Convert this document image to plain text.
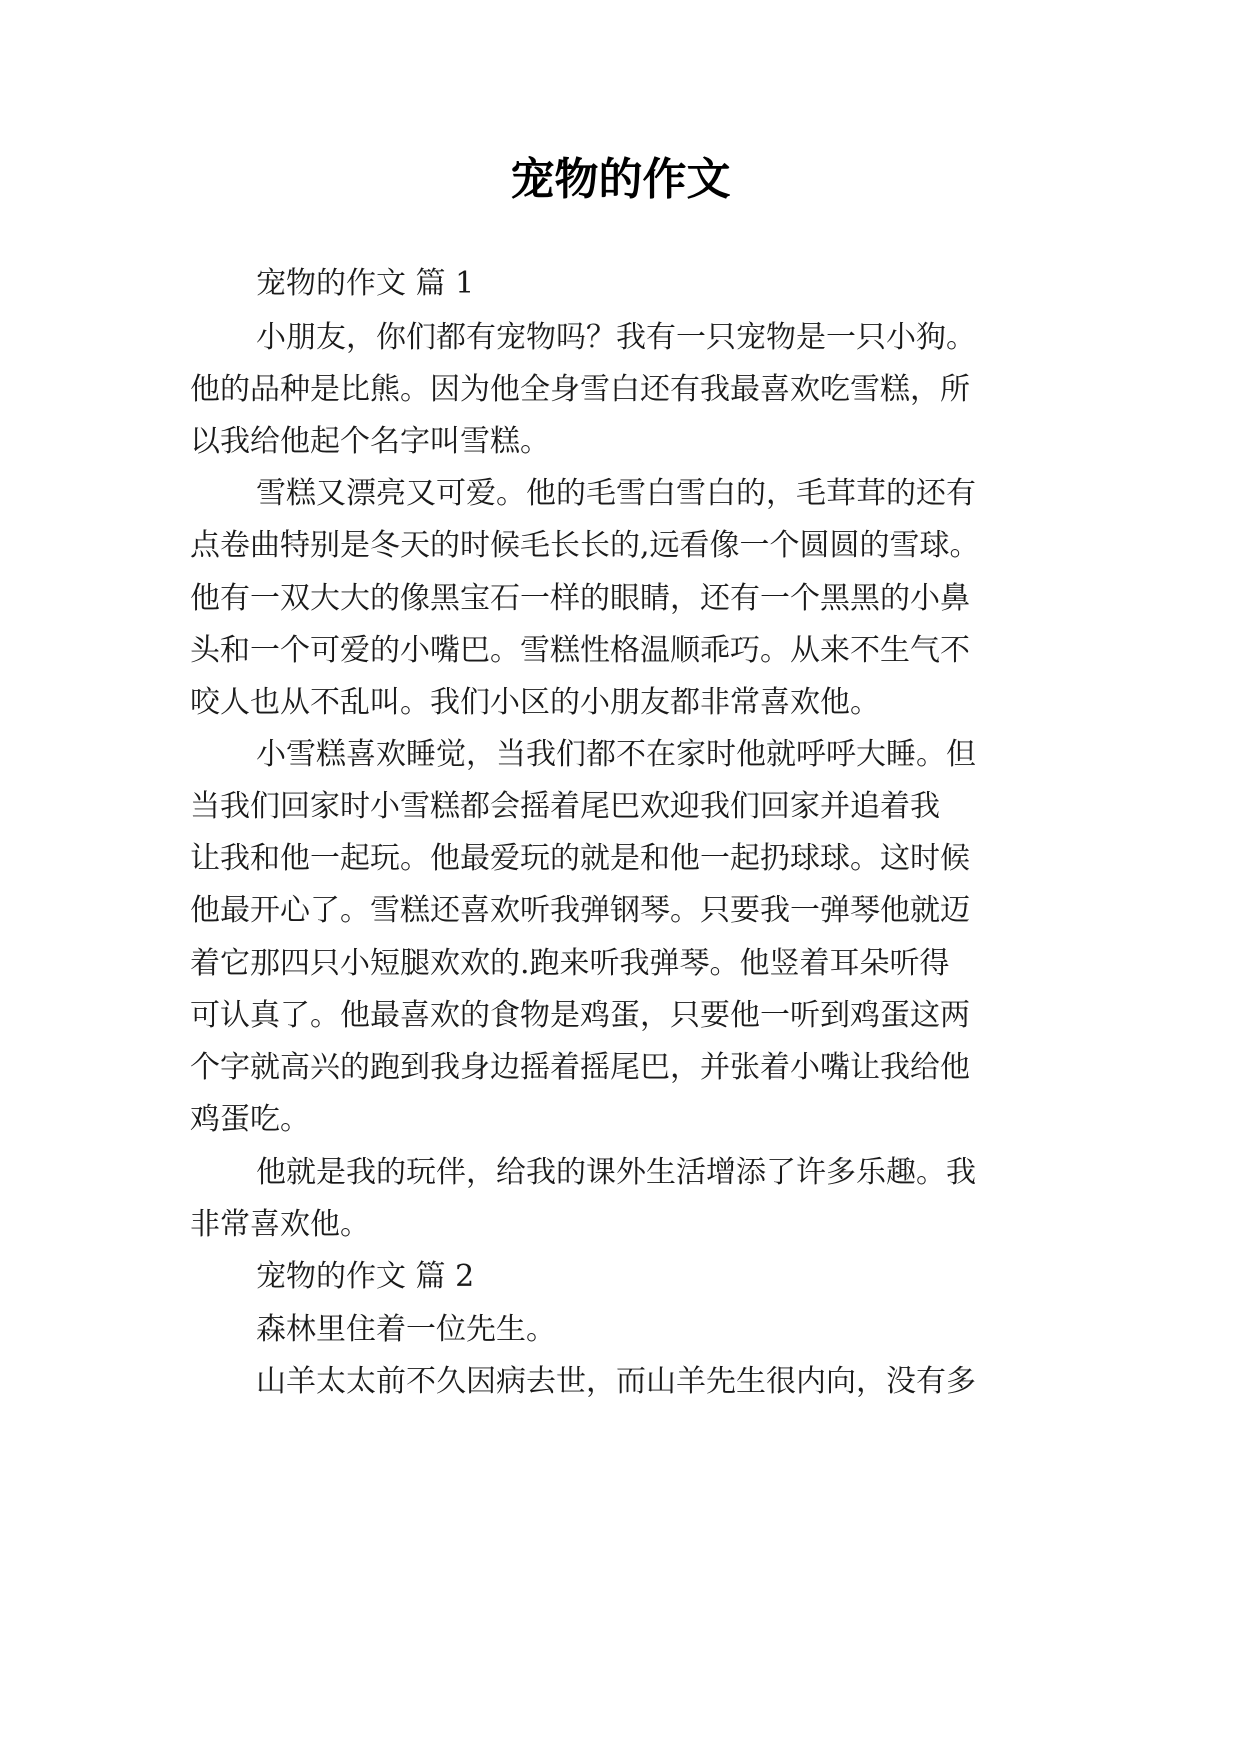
宠物的作文

宠物的作文 篇 1

小朋友，你们都有宠物吗？我有一只宠物是一只小狗。

他的品种是比熊。因为他全身雪白还有我最喜欢吃雪糕，所

以我给他起个名字叫雪糕。

雪糕又漂亮又可爱。他的毛雪白雪白的，毛茸茸的还有

点卷曲特别是冬天的时候毛长长的,远看像一个圆圆的雪球。

他有一双大大的像黑宝石一样的眼睛，还有一个黑黑的小鼻

头和一个可爱的小嘴巴。雪糕性格温顺乖巧。从来不生气不

咬人也从不乱叫。我们小区的小朋友都非常喜欢他。

小雪糕喜欢睡觉，当我们都不在家时他就呼呼大睡。但

当我们回家时小雪糕都会摇着尾巴欢迎我们回家并追着我

让我和他一起玩。他最爱玩的就是和他一起扔球球。这时候

他最开心了。雪糕还喜欢听我弹钢琴。只要我一弹琴他就迈

着它那四只小短腿欢欢的.跑来听我弹琴。他竖着耳朵听得

可认真了。他最喜欢的食物是鸡蛋，只要他一听到鸡蛋这两

个字就高兴的跑到我身边摇着摇尾巴，并张着小嘴让我给他

鸡蛋吃。

他就是我的玩伴，给我的课外生活增添了许多乐趣。我

非常喜欢他。

宠物的作文 篇 2

森林里住着一位先生。

山羊太太前不久因病去世，而山羊先生很内向，没有多
